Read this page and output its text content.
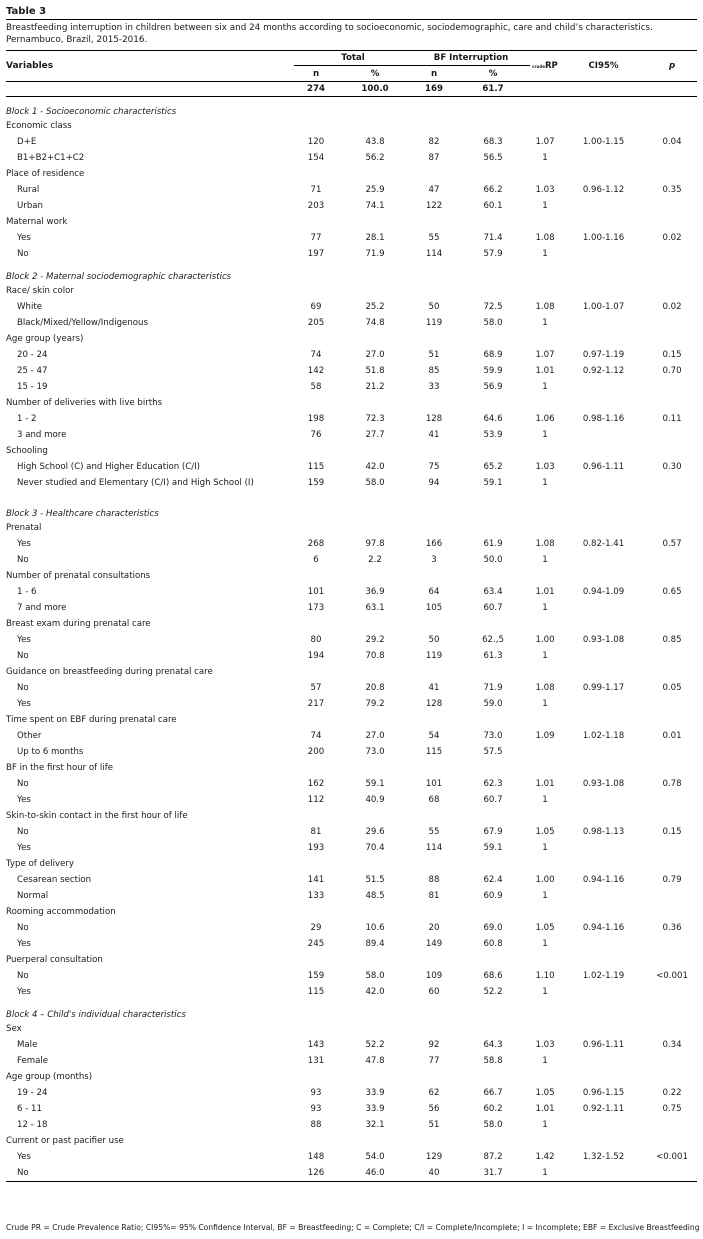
Table 3
Breastfeeding interruption in children between six and 24 months according to socioeconomic, sociodemographic, care and child’s characteristics. Pernambuco, Brazil, 2015-2016.
Variables	Total		BF Interruption		crudeRP	CI95%	p
	n	%	n	%			
	274	100.0	169	61.7			
Block 1 - Socioeconomic characteristics							
Economic class							
D+E	120	43.8	82	68.3	1.07	1.00-1.15	0.04
B1+B2+C1+C2	154	56.2	87	56.5	1		
Place of residence							
Rural	71	25.9	47	66.2	1.03	0.96-1.12	0.35
Urban	203	74.1	122	60.1	1		
Maternal work							
Yes	77	28.1	55	71.4	1.08	1.00-1.16	0.02
No	197	71.9	114	57.9	1		
Block 2 - Maternal sociodemographic characteristics							
Race/ skin color							
White	69	25.2	50	72.5	1.08	1.00-1.07	0.02
Black/Mixed/Yellow/Indigenous	205	74.8	119	58.0	1		
Age group (years)							
20 - 24	74	27.0	51	68.9	1.07	0.97-1.19	0.15
25 - 47	142	51.8	85	59.9	1.01	0.92-1.12	0.70
15 - 19	58	21.2	33	56.9	1		
Number of deliveries with live births							
1 - 2	198	72.3	128	64.6	1.06	0.98-1.16	0.11
3 and more	76	27.7	41	53.9	1		
Schooling							
High School (C) and Higher Education (C/I)	115	42.0	75	65.2	1.03	0.96-1.11	0.30
Never studied and Elementary (C/I) and High School (I)	159	58.0	94	59.1	1		

Block 3 - Healthcare characteristics							
Prenatal							
Yes	268	97.8	166	61.9	1.08	0.82-1.41	0.57
No	6	2.2	3	50.0	1		
Number of prenatal consultations							
1 - 6	101	36.9	64	63.4	1.01	0.94-1.09	0.65
7 and more	173	63.1	105	60.7	1		
Breast exam during prenatal care							
Yes	80	29.2	50	62.,5	1.00	0.93-1.08	0.85
No	194	70.8	119	61.3	1		
Guidance on breastfeeding during prenatal care							
No	57	20.8	41	71.9	1.08	0.99-1.17	0.05
Yes	217	79.2	128	59.0	1		
Time spent on EBF during prenatal care							
Other	74	27.0	54	73.0	1.09	1.02-1.18	0.01
Up to 6 months	200	73.0	115	57.5			
BF in the first hour of life							
No	162	59.1	101	62.3	1.01	0.93-1.08	0.78
Yes	112	40.9	68	60.7	1		
Skin-to-skin contact in the first hour of life							
No	81	29.6	55	67.9	1.05	0.98-1.13	0.15
Yes	193	70.4	114	59.1	1		
Type of delivery							
Cesarean section	141	51.5	88	62.4	1.00	0.94-1.16	0.79
Normal	133	48.5	81	60.9	1		
Rooming accommodation							
No	29	10.6	20	69.0	1.05	0.94-1.16	0.36
Yes	245	89.4	149	60.8	1		
Puerperal consultation							
No	159	58.0	109	68.6	1.10	1.02-1.19	<0.001
Yes	115	42.0	60	52.2	1		
Block 4 – Child's individual characteristics							
Sex							
Male	143	52.2	92	64.3	1.03	0.96-1.11	0.34
Female	131	47.8	77	58.8	1		
Age group (months)							
19 - 24	93	33.9	62	66.7	1.05	0.96-1.15	0.22
6 - 11	93	33.9	56	60.2	1.01	0.92-1.11	0.75
12 - 18	88	32.1	51	58.0	1		
Current or past pacifier use							
Yes	148	54.0	129	87.2	1.42	1.32-1.52	<0.001
No	126	46.0	40	31.7	1		
Crude PR = Crude Prevalence Ratio; CI95%= 95% Confidence Interval, BF = Breastfeeding; C = Complete; C/I = Complete/Incomplete; I = Incomplete; EBF = Exclusive Breastfeeding
